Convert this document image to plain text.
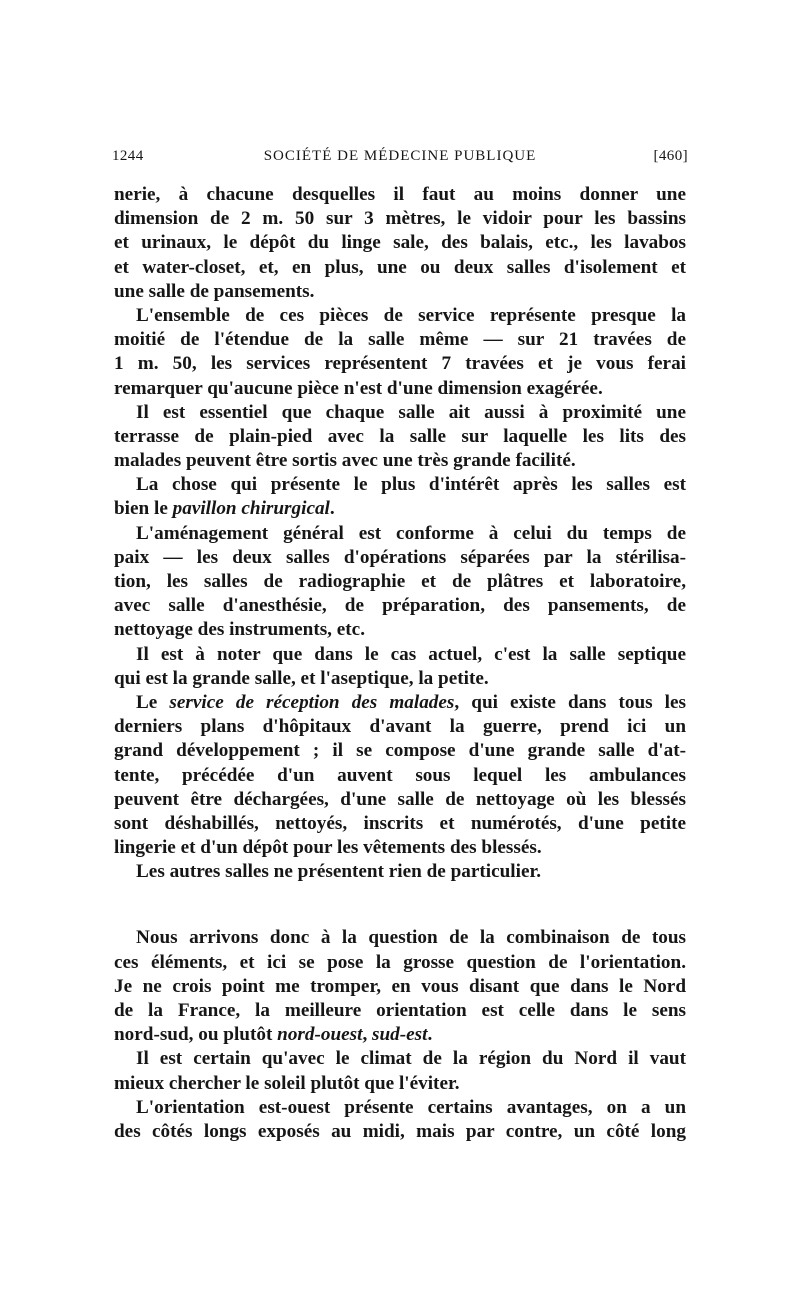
1244	SOCIÉTÉ DE MÉDECINE PUBLIQUE	[460]
nerie, à chacune desquelles il faut au moins donner une
dimension de 2 m. 50 sur 3 mètres, le vidoir pour les bassins
et urinaux, le dépôt du linge sale, des balais, etc., les lavabos
et water-closet, et, en plus, une ou deux salles d'isolement et
une salle de pansements.
L'ensemble de ces pièces de service représente presque la
moitié de l'étendue de la salle même — sur 21 travées de
1 m. 50, les services représentent 7 travées et je vous ferai
remarquer qu'aucune pièce n'est d'une dimension exagérée.
Il est essentiel que chaque salle ait aussi à proximité une
terrasse de plain-pied avec la salle sur laquelle les lits des
malades peuvent être sortis avec une très grande facilité.
La chose qui présente le plus d'intérêt après les salles est
bien le pavillon chirurgical.
L'aménagement général est conforme à celui du temps de
paix — les deux salles d'opérations séparées par la stérilisa-
tion, les salles de radiographie et de plâtres et laboratoire,
avec salle d'anesthésie, de préparation, des pansements, de
nettoyage des instruments, etc.
Il est à noter que dans le cas actuel, c'est la salle septique
qui est la grande salle, et l'aseptique, la petite.
Le service de réception des malades, qui existe dans tous les
derniers plans d'hôpitaux d'avant la guerre, prend ici un
grand développement ; il se compose d'une grande salle d'at-
tente, précédée d'un auvent sous lequel les ambulances
peuvent être déchargées, d'une salle de nettoyage où les blessés
sont déshabillés, nettoyés, inscrits et numérotés, d'une petite
lingerie et d'un dépôt pour les vêtements des blessés.
Les autres salles ne présentent rien de particulier.
Nous arrivons donc à la question de la combinaison de tous
ces éléments, et ici se pose la grosse question de l'orientation.
Je ne crois point me tromper, en vous disant que dans le Nord
de la France, la meilleure orientation est celle dans le sens
nord-sud, ou plutôt nord-ouest, sud-est.
Il est certain qu'avec le climat de la région du Nord il vaut
mieux chercher le soleil plutôt que l'éviter.
L'orientation est-ouest présente certains avantages, on a un
des côtés longs exposés au midi, mais par contre, un côté long
